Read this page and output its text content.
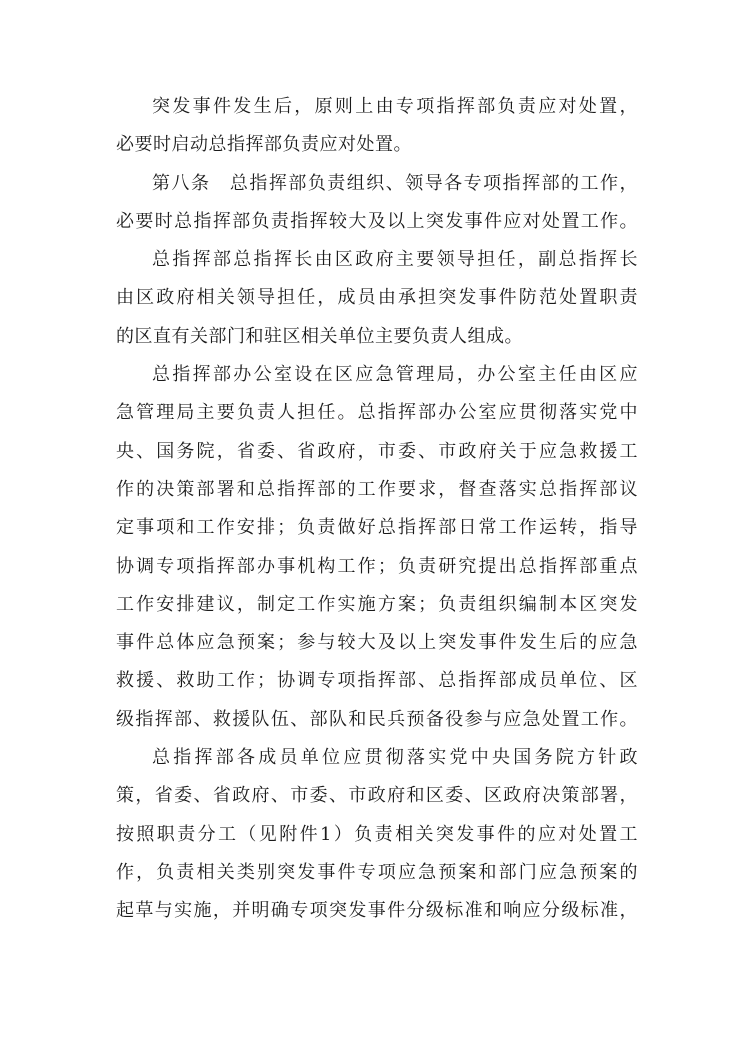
突发事件发生后，原则上由专项指挥部负责应对处置，
必要时启动总指挥部负责应对处置。
第八条　总指挥部负责组织、领导各专项指挥部的工作，
必要时总指挥部负责指挥较大及以上突发事件应对处置工作。
总指挥部总指挥长由区政府主要领导担任，副总指挥长
由区政府相关领导担任，成员由承担突发事件防范处置职责
的区直有关部门和驻区相关单位主要负责人组成。
总指挥部办公室设在区应急管理局，办公室主任由区应
急管理局主要负责人担任。总指挥部办公室应贯彻落实党中
央、国务院，省委、省政府，市委、市政府关于应急救援工
作的决策部署和总指挥部的工作要求，督查落实总指挥部议
定事项和工作安排；负责做好总指挥部日常工作运转，指导
协调专项指挥部办事机构工作；负责研究提出总指挥部重点
工作安排建议，制定工作实施方案；负责组织编制本区突发
事件总体应急预案；参与较大及以上突发事件发生后的应急
救援、救助工作；协调专项指挥部、总指挥部成员单位、区
级指挥部、救援队伍、部队和民兵预备役参与应急处置工作。
总指挥部各成员单位应贯彻落实党中央国务院方针政
策，省委、省政府、市委、市政府和区委、区政府决策部署，
按照职责分工（见附件1）负责相关突发事件的应对处置工
作，负责相关类别突发事件专项应急预案和部门应急预案的
起草与实施，并明确专项突发事件分级标准和响应分级标准，
